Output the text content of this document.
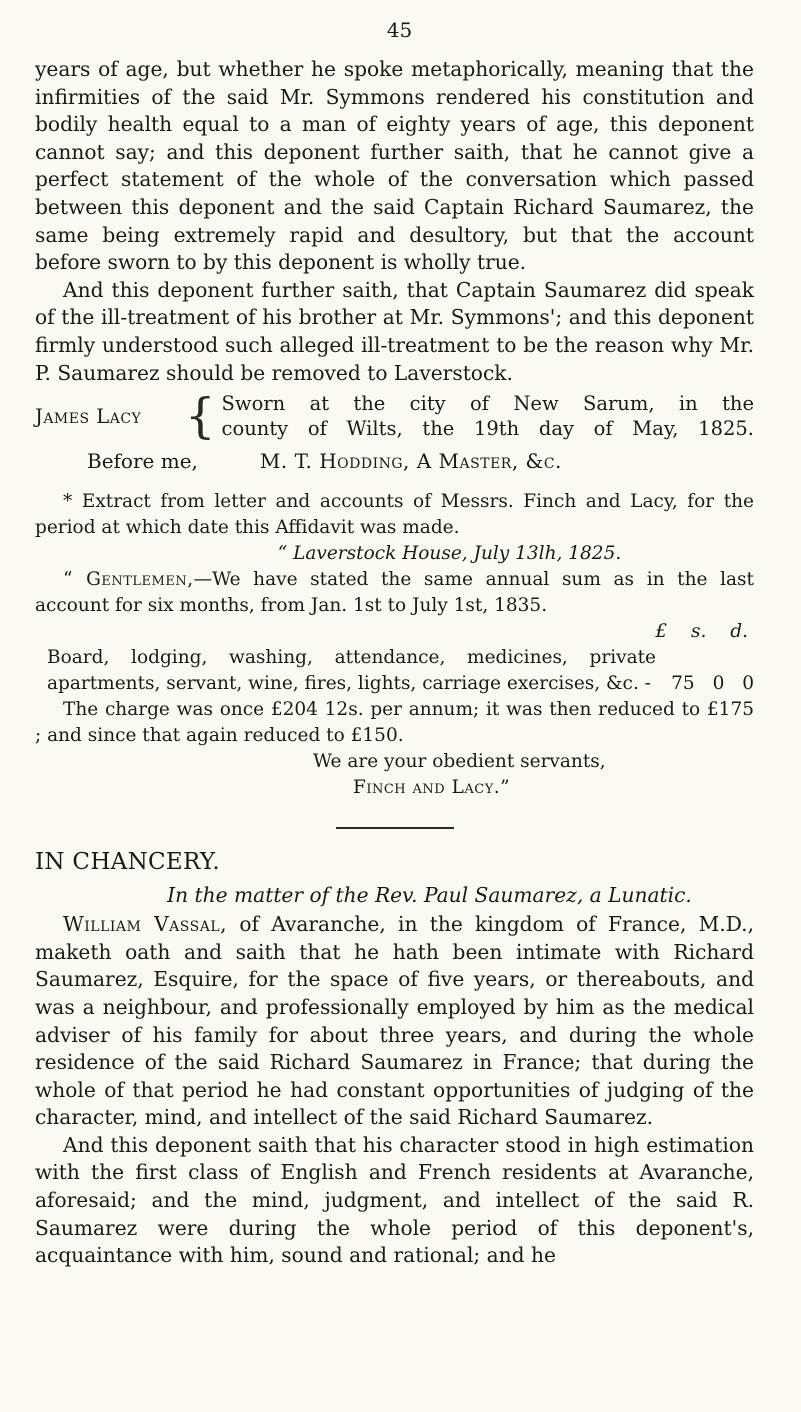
45

years of age, but whether he spoke metaphorically, meaning that the infirmities of the said Mr. Symmons rendered his constitution and bodily health equal to a man of eighty years of age, this deponent cannot say; and this deponent further saith, that he cannot give a perfect statement of the whole of the conversation which passed between this deponent and the said Captain Richard Saumarez, the same being extremely rapid and desultory, but that the account before sworn to by this deponent is wholly true.

And this deponent further saith, that Captain Saumarez did speak of the ill-treatment of his brother at Mr. Symmons'; and this deponent firmly understood such alleged ill-treatment to be the reason why Mr. P. Saumarez should be removed to Laverstock.

James Lacy { Sworn at the city of New Sarum, in the
county of Wilts, the 19th day of May, 1825.
Before me,	M. T. Hodding, A Master, &c.

* Extract from letter and accounts of Messrs. Finch and Lacy, for the period at which date this Affidavit was made.

“ Laverstock House, July 13lh, 1825.

“ Gentlemen,—We have stated the same annual sum as in the last account for six months, from Jan. 1st to July 1st, 1835.

£ s. d.
Board, lodging, washing, attendance, medicines, private apartments, servant, wine, fires, lights, carriage exercises, &c. -	75 0 0

The charge was once £204 12s. per annum; it was then reduced to £175 ; and since that again reduced to £150.

We are your obedient servants,
Finch and Lacy.”
IN CHANCERY.
In the matter of the Rev. Paul Saumarez, a Lunatic.

William Vassal, of Avaranche, in the kingdom of France, M.D., maketh oath and saith that he hath been intimate with Richard Saumarez, Esquire, for the space of five years, or thereabouts, and was a neighbour, and professionally employed by him as the medical adviser of his family for about three years, and during the whole residence of the said Richard Saumarez in France; that during the whole of that period he had constant opportunities of judging of the character, mind, and intellect of the said Richard Saumarez.

And this deponent saith that his character stood in high estimation with the first class of English and French residents at Avaranche, aforesaid; and the mind, judgment, and intellect of the said R. Saumarez were during the whole period of this deponent's, acquaintance with him, sound and rational; and he
